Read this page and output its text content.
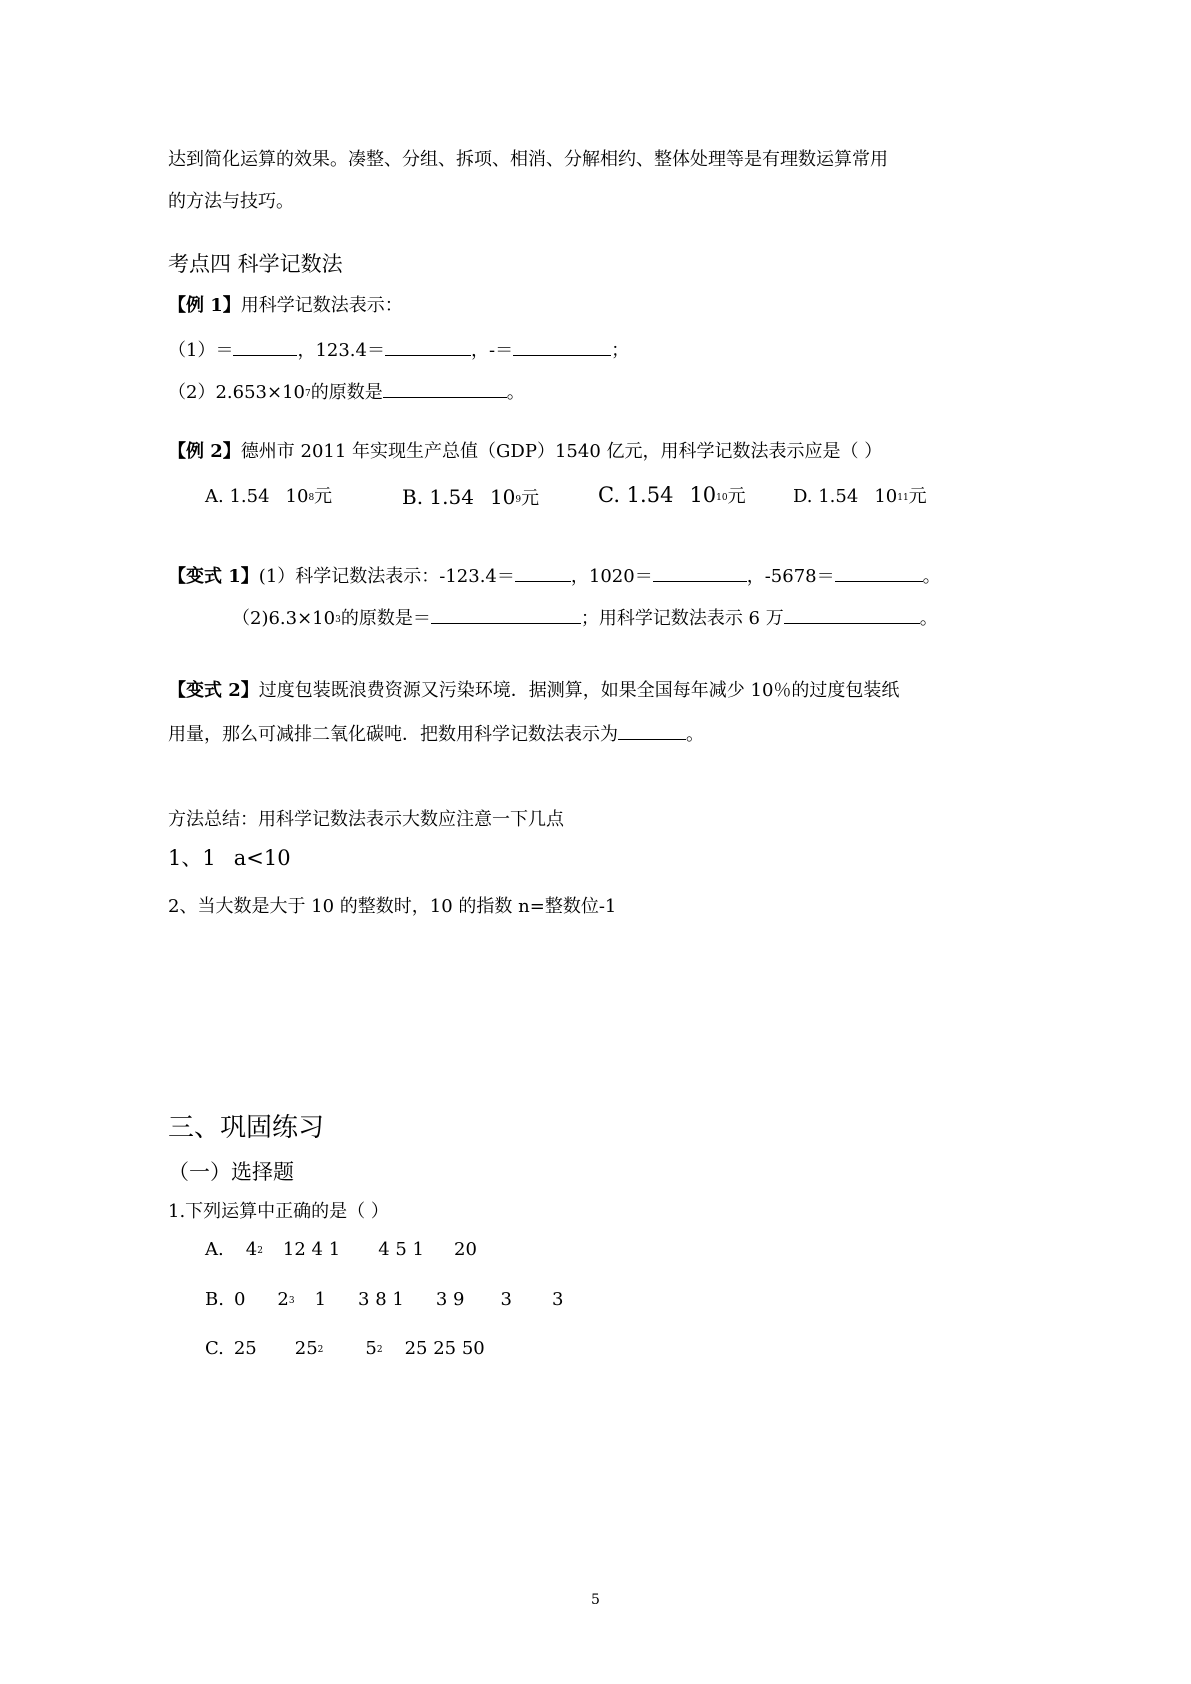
达到简化运算的效果。凑整、分组、拆项、相消、分解相约、整体处理等是有理数运算常用
的方法与技巧。
考点四 科学记数法
【例 1】用科学记数法表示：
（1）＝	，123.4＝	，-＝	；
$(2)2.653\times 10^7$的原数是	。
【例 2】德州市 2011 年实现生产总值（GDP）1540 亿元，用科学记数法表示应是（ ）
A. 1.54 $10^8$元	B. 1.54 $10^9$元	C. 1.54 $10^{10}$元	D. 1.54 $10^{11}$元
【变式 1】(1）科学记数法表示：-123.4＝	，1020＝	，-5678＝	。
$(2)6.3\times 10^3$的原数是＝	；用科学记数法表示 6 万	。
【变式 2】过度包装既浪费资源又污染环境．据测算，如果全国每年减少 10％的过度包装纸
用量，那么可减排二氧化碳吨．把数用科学记数法表示为	。
方法总结：用科学记数法表示大数应注意一下几点
1、1 a<10
2、当大数是大于 10 的整数时，10 的指数 n=整数位-1
三、巩固练习
（一）选择题
1.下列运算中正确的是（ ）
A. $4^2$ 12 4 1 4 5 1 20
B. 0 $2^3$ 1 3 8 1 3 9 3 3
C. 25 $25^2$ $5^2$ 25 25 50
5
